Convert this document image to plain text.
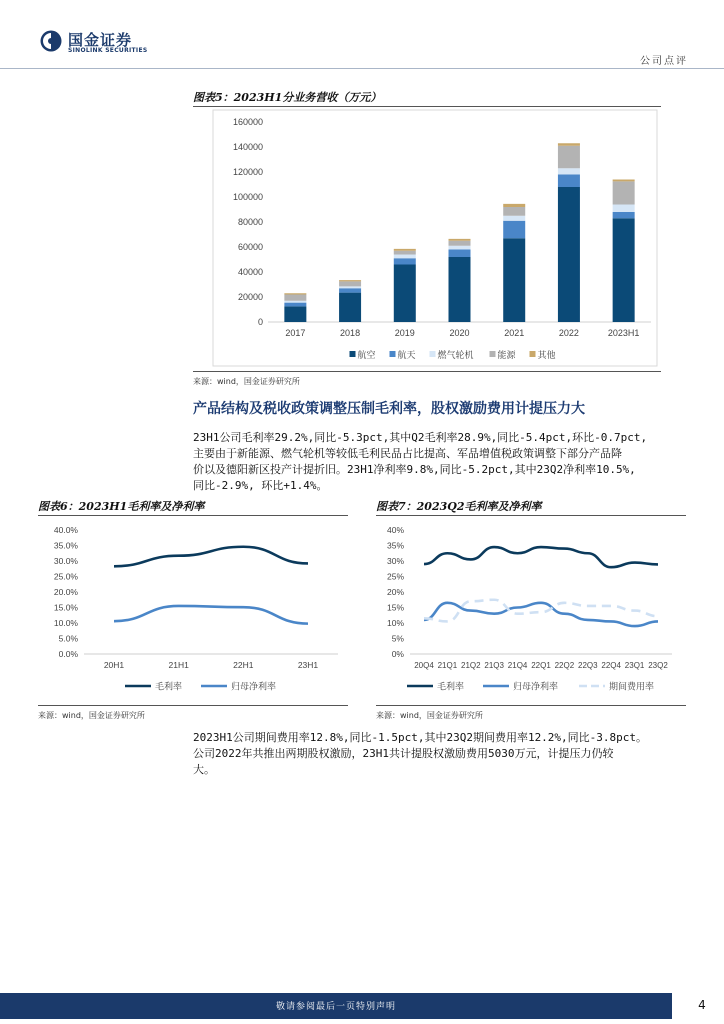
国金证券
SINOLINK SECURITIES
公司点评
图表5：2023H1分业务营收（万元）
0
20000
40000
60000
80000
100000
120000
140000
160000
2017	2018	2019	2020	2021	2022	2023H1
航空 航天 燃气轮机	能源 其他
来源：wind，国金证券研究所
产品结构及税收政策调整压制毛利率，股权激励费用计提压力大

23H1公司毛利率29.2%,同比-5.3pct,其中Q2毛利率28.9%,同比-5.4pct,环比-0.7pct,

主要由于新能源、燃气轮机等较低毛利民品占比提高、军品增值税政策调整下部分产品降

价以及德阳新区投产计提折旧。23H1净利率9.8%,同比-5.2pct,其中23Q2净利率10.5%,

同比-2.9%, 环比+1.4%。

图表6：2023H1毛利率及净利率
0.0%
5.0%
10.0%
15.0%
20.0%
25.0%
30.0%
35.0%
40.0%
20H1	21H1	22H1	23H1
毛利率	归母净利率
来源：wind，国金证券研究所
图表7：2023Q2毛利率及净利率
0%
5%
10%
15%
20%
25%
30%
35%
40%
20Q4 21Q1 21Q2 21Q3 21Q4 22Q1 22Q2 22Q3 22Q4 23Q1 23Q2
毛利率	归母净利率	期间费用率
来源：wind，国金证券研究所

2023H1公司期间费用率12.8%,同比-1.5pct,其中23Q2期间费用率12.2%,同比-3.8pct。

公司2022年共推出两期股权激励，23H1共计提股权激励费用5030万元，计提压力仍较

大。

敬请参阅最后一页特别声明	4
